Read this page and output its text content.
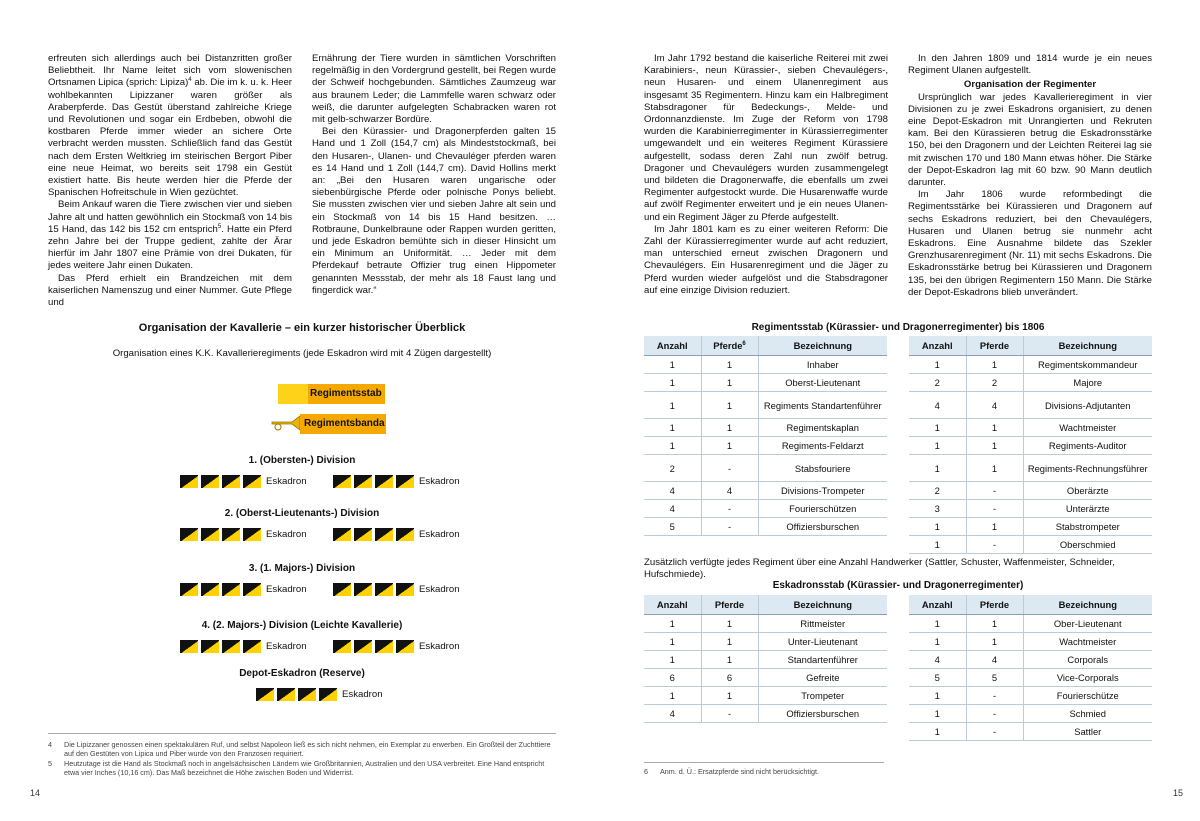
erfreuten sich allerdings auch bei Distanzritten großer Beliebtheit. Ihr Name leitet sich vom slowenischen Ortsnamen Lipica (sprich: Lipiza)$^4$ ab. Die im k. u. k. Heer wohlbekannten Lipizzaner waren größer als Araberpferde. Das Gestüt überstand zahlreiche Kriege und Revolutionen und sogar ein Erdbeben, obwohl die kostbaren Pferde immer wieder an sichere Orte verbracht werden mussten. Schließlich fand das Gestüt nach dem Ersten Weltkrieg im steirischen Bergort Piber eine neue Heimat, wo bereits seit 1798 ein Gestüt existiert hatte. Bis heute werden hier die Pferde der Spanischen Hofreitschule in Wien gezüchtet.

Beim Ankauf waren die Tiere zwischen vier und sieben Jahre alt und hatten gewöhnlich ein Stockmaß von 14 bis 15 Hand, das 142 bis 152 cm entsprich$^5$. Hatte ein Pferd zehn Jahre bei der Truppe gedient, zahlte der Ärar hierfür im Jahr 1807 eine Prämie von drei Dukaten, für jedes weitere Jahr einen Dukaten.

Das Pferd erhielt ein Brandzeichen mit dem kaiserlichen Namenszug und einer Nummer. Gute Pflege und

Ernährung der Tiere wurden in sämtlichen Vorschriften regelmäßig in den Vordergrund gestellt, bei Regen wurde der Schweif hochgebunden. Sämtliches Zaumzeug war aus braunem Leder; die Lammfelle waren schwarz oder weiß, die darunter aufgelegten Schabracken waren rot mit gelb-schwarzer Bordüre.

Bei den Kürassier- und Dragonerpferden galten 15 Hand und 1 Zoll (154,7 cm) als Mindeststockmaß, bei den Husaren-, Ulanen- und Chevauléger pferden waren es 14 Hand und 1 Zoll (144,7 cm). David Hollins merkt an: „Bei den Husaren waren ungarische oder siebenbürgische Pferde oder polnische Ponys beliebt. Sie mussten zwischen vier und sieben Jahre alt sein und ein Stockmaß von 14 bis 15 Hand besitzen. … Rotbraune, Dunkelbraune oder Rappen wurden geritten, und jede Eskadron bemühte sich in dieser Hinsicht um ein Minimum an Uniformität. … Jeder mit dem Pferdekauf betraute Offizier trug einen Hippometer genannten Messstab, der mehr als 18 Faust lang und fingerdick war.“

Organisation der Kavallerie – ein kurzer historischer Überblick
Organisation eines K.K. Kavallerieregiments (jede Eskadron wird mit 4 Zügen dargestellt)
Regimentsstab
Regimentsbanda
1. (Obersten-) Division
Eskadron	Eskadron
2. (Oberst-Lieutenants-) Division
Eskadron	Eskadron
3. (1. Majors-) Division
Eskadron	Eskadron
4. (2. Majors-) Division (Leichte Kavallerie)
Eskadron	Eskadron
Depot-Eskadron (Reserve)
Eskadron
4 Die Lipizzaner genossen einen spektakulären Ruf, und selbst Napoleon ließ es sich nicht nehmen, ein Exemplar zu erwerben. Ein Großteil der Zuchttiere auf den Gestüten von Lipica und Piber wurde von den Franzosen requiriert.
5 Heutzutage ist die Hand als Stockmaß noch in angelsächsischen Ländern wie Großbritannien, Australien und den USA verbreitet. Eine Hand entspricht etwa vier Inches (10,16 cm). Das Maß bezeichnet die Höhe zwischen Boden und Widerrist.
14

Im Jahr 1792 bestand die kaiserliche Reiterei mit zwei Karabiniers-, neun Kürassier-, sieben Chevaulégers-, neun Husaren- und einem Ulanenregiment aus insgesamt 35 Regimentern. Hinzu kam ein Halbregiment Stabsdragoner für Bedeckungs-, Melde- und Ordonnanzdienste. Im Zuge der Reform von 1798 wurden die Karabinierregimenter in Kürassierregimenter umgewandelt und ein weiteres Regiment Kürassiere aufgestellt, sodass deren Zahl nun zwölf betrug. Dragoner und Chevaulégers wurden zusammengelegt und bildeten die Dragonerwaffe, die ebenfalls um zwei Regimenter aufgestockt wurde. Die Husarenwaffe wurde auf zwölf Regimenter erweitert und je ein neues Ulanen- und ein Regiment Jäger zu Pferde aufgestellt.

Im Jahr 1801 kam es zu einer weiteren Reform: Die Zahl der Kürassierregimenter wurde auf acht reduziert, man unterschied erneut zwischen Dragonern und Chevaulégers. Ein Husarenregiment und die Jäger zu Pferd wurden wieder aufgelöst und die Stabsdragoner auf eine einzige Division reduziert.

In den Jahren 1809 und 1814 wurde je ein neues Regiment Ulanen aufgestellt.

Organisation der Regimenter

Ursprünglich war jedes Kavallerieregiment in vier Divisionen zu je zwei Eskadrons organisiert, zu denen eine Depot-Eskadron mit Unrangierten und Rekruten kam. Bei den Kürassieren betrug die Eskadronsstärke 150, bei den Dragonern und der Leichten Reiterei lag sie mit zwischen 170 und 180 Mann etwas höher. Die Stärke der Depot-Eskadron lag mit 60 bzw. 90 Mann deutlich darunter.

Im Jahr 1806 wurde reformbedingt die Regimentsstärke bei Kürassieren und Dragonern auf sechs Eskadrons reduziert, bei den Chevaulégers, Husaren und Ulanen betrug sie nunmehr acht Eskadrons. Eine Ausnahme bildete das Szekler Grenzhusarenregiment (Nr. 11) mit sechs Eskadrons. Die Eskadronsstärke betrug bei Kürassieren und Dragonern 135, bei den übrigen Regimentern 150 Mann. Die Stärke der Depot-Eskadrons blieb unverändert.

Regimentsstab (Kürassier- und Dragonerregimenter) bis 1806
Anzahl	Pferde$^6$	Bezeichnung
1	1	Inhaber
1	1	Oberst-Lieutenant
1	1	Regiments Standartenführer
1	1	Regimentskaplan
1	1	Regiments-Feldarzt
2	-	Stabsfouriere
4	4	Divisions-Trompeter
4	-	Fourierschützen
5	-	Offiziersburschen
Anzahl	Pferde	Bezeichnung
1	1	Regimentskommandeur
2	2	Majore
4	4	Divisions-Adjutanten
1	1	Wachtmeister
1	1	Regiments-Auditor
1	1	Regiments-Rechnungsführer
2	-	Oberärzte
3	-	Unterärzte
1	1	Stabstrompeter
1	-	Oberschmied
Zusätzlich verfügte jedes Regiment über eine Anzahl Handwerker (Sattler, Schuster, Waffenmeister, Schneider, Hufschmiede).
Eskadronsstab (Kürassier- und Dragonerregimenter)
Anzahl	Pferde	Bezeichnung
1	1	Rittmeister
1	1	Unter-Lieutenant
1	1	Standartenführer
6	6	Gefreite
1	1	Trompeter
4	-	Offiziersburschen
Anzahl	Pferde	Bezeichnung
1	1	Ober-Lieutenant
1	1	Wachtmeister
4	4	Corporals
5	5	Vice-Corporals
1	-	Fourierschütze
1	-	Schmied
1	-	Sattler
6 Anm. d. Ü.: Ersatzpferde sind nicht berücksichtigt.
15
